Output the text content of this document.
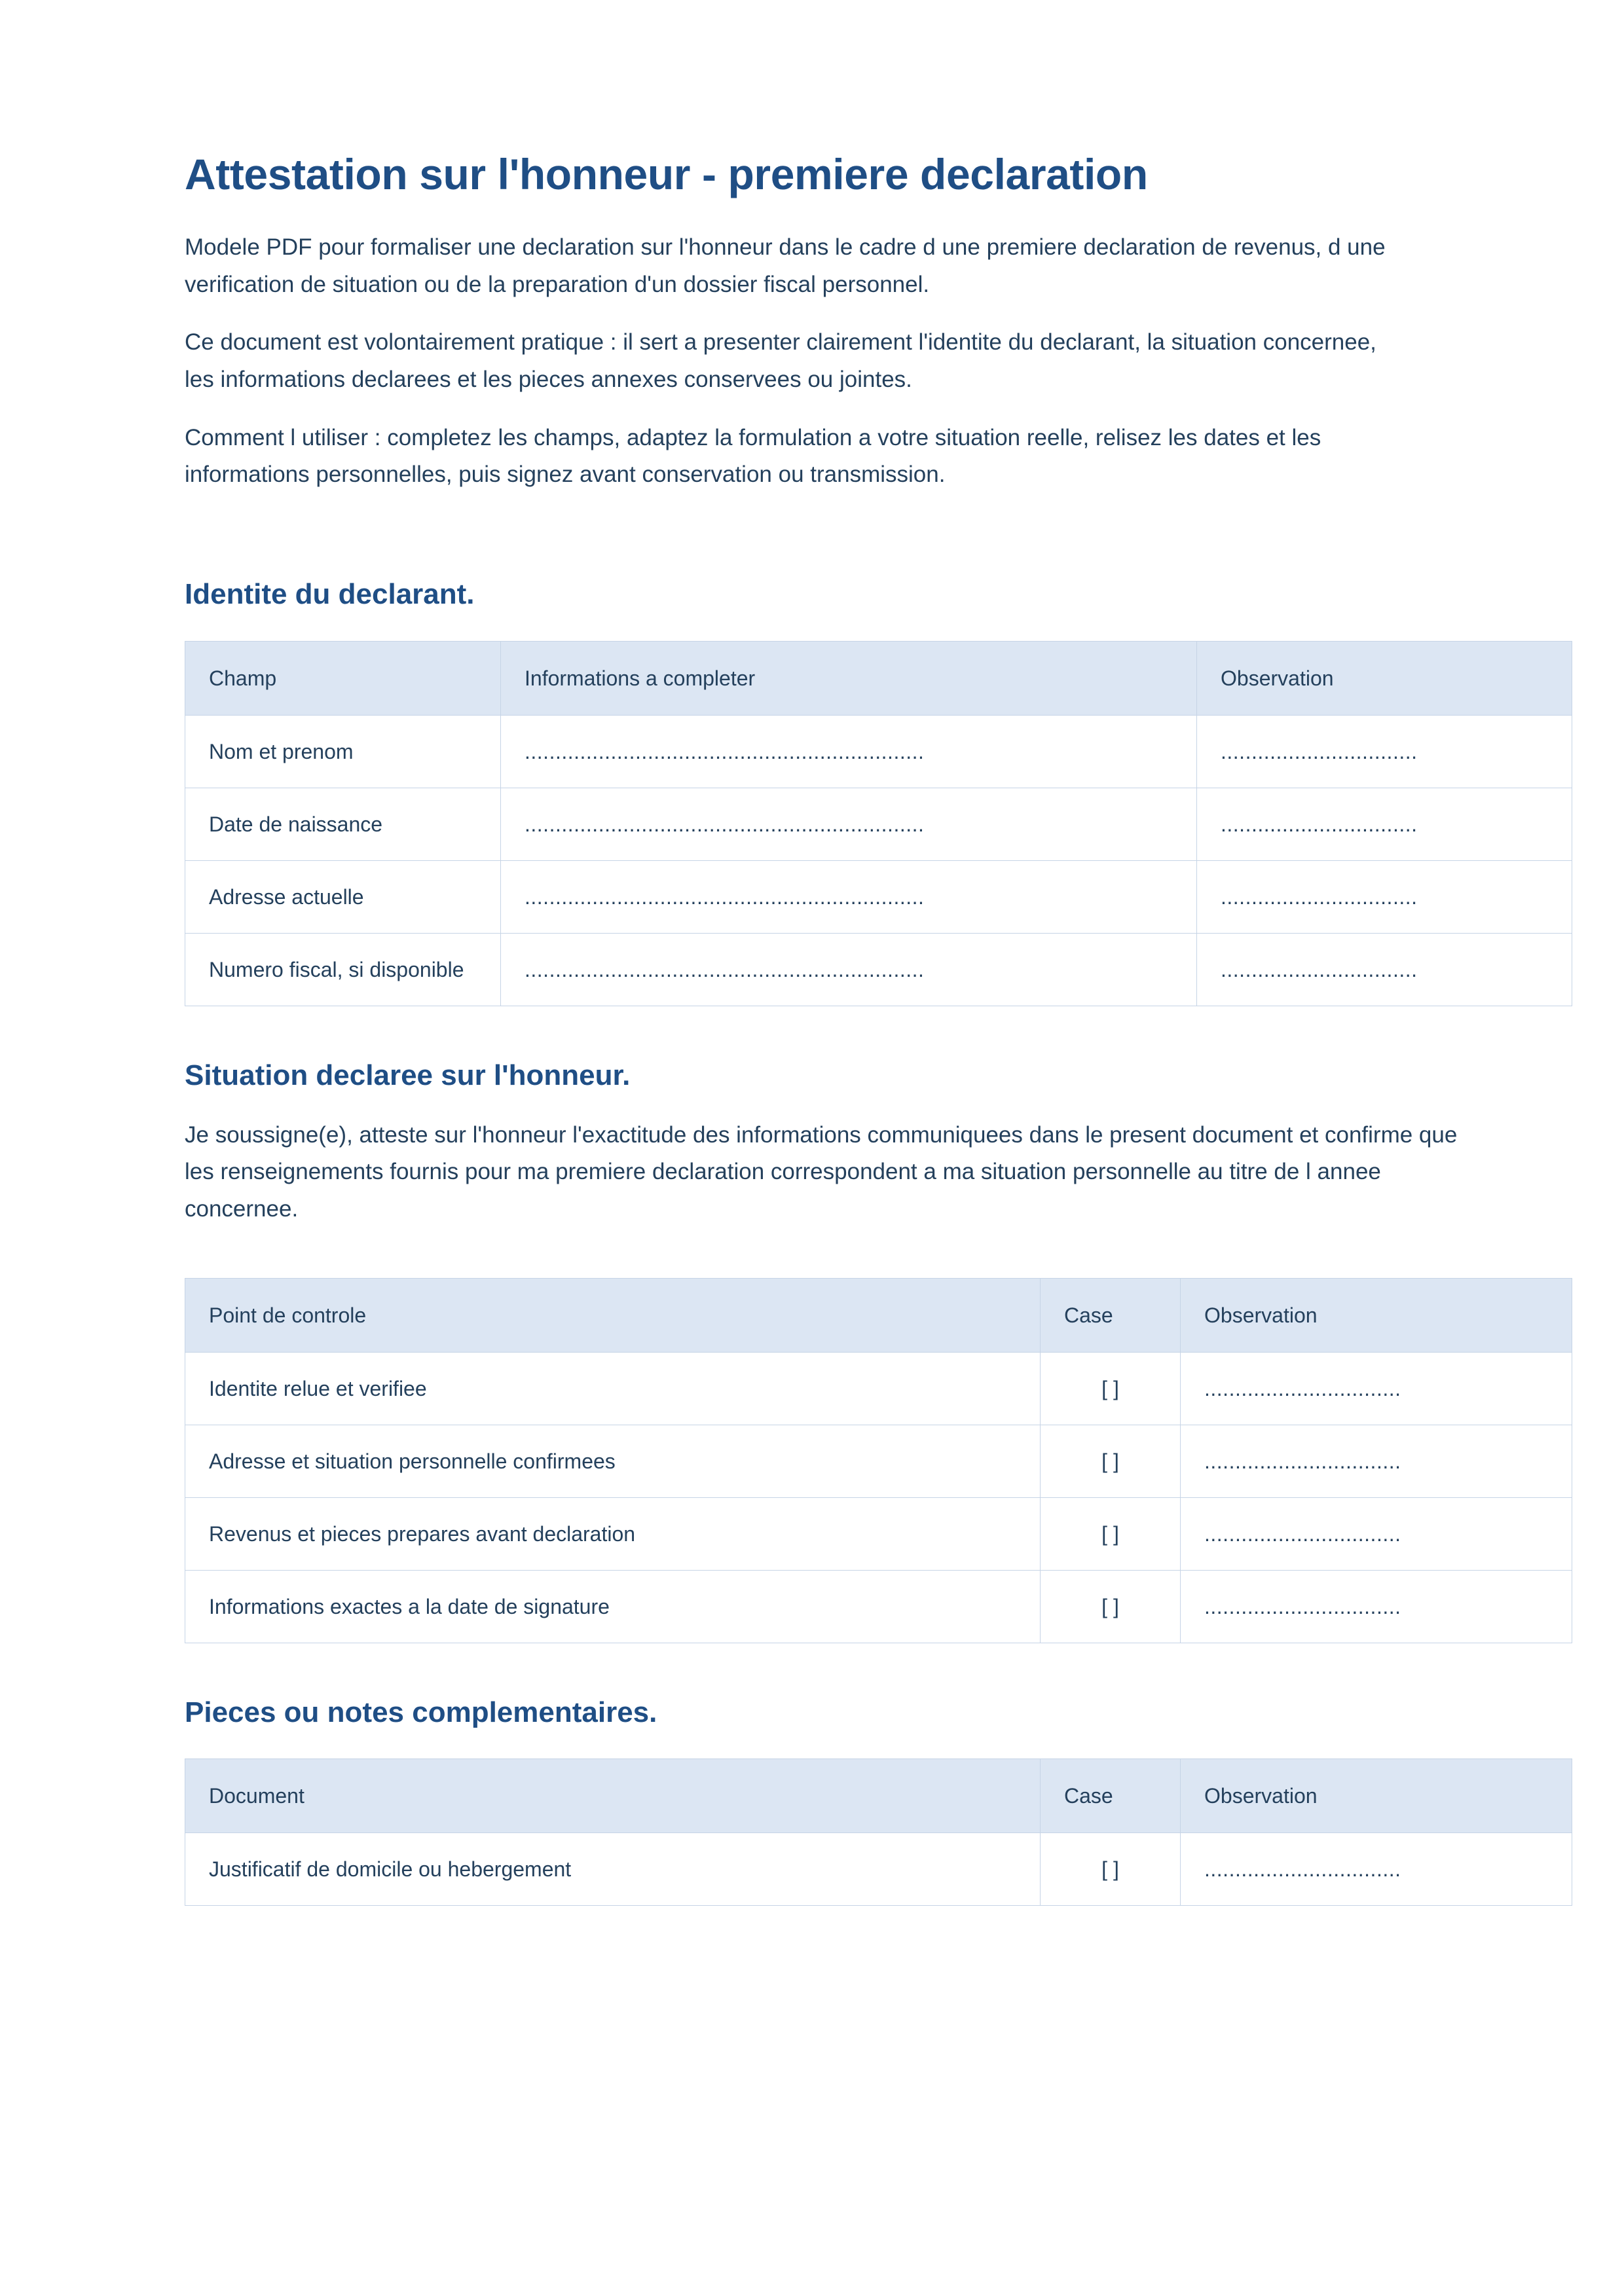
Attestation sur l'honneur - premiere declaration

Modele PDF pour formaliser une declaration sur l'honneur dans le cadre d une premiere declaration de revenus, d une verification de situation ou de la preparation d'un dossier fiscal personnel.

Ce document est volontairement pratique : il sert a presenter clairement l'identite du declarant, la situation concernee, les informations declarees et les pieces annexes conservees ou jointes.

Comment l utiliser : completez les champs, adaptez la formulation a votre situation reelle, relisez les dates et les informations personnelles, puis signez avant conservation ou transmission.

Identite du declarant.
Champ	Informations a completer	Observation
Nom et prenom	.................................................................	................................
Date de naissance	.................................................................	................................
Adresse actuelle	.................................................................	................................
Numero fiscal, si disponible	.................................................................	................................
Situation declaree sur l'honneur.

Je soussigne(e), atteste sur l'honneur l'exactitude des informations communiquees dans le present document et confirme que les renseignements fournis pour ma premiere declaration correspondent a ma situation personnelle au titre de l annee concernee.

Point de controle	Case	Observation
Identite relue et verifiee	[ ]	................................
Adresse et situation personnelle confirmees	[ ]	................................
Revenus et pieces prepares avant declaration	[ ]	................................
Informations exactes a la date de signature	[ ]	................................
Pieces ou notes complementaires.
Document	Case	Observation
Justificatif de domicile ou hebergement	[ ]	................................
